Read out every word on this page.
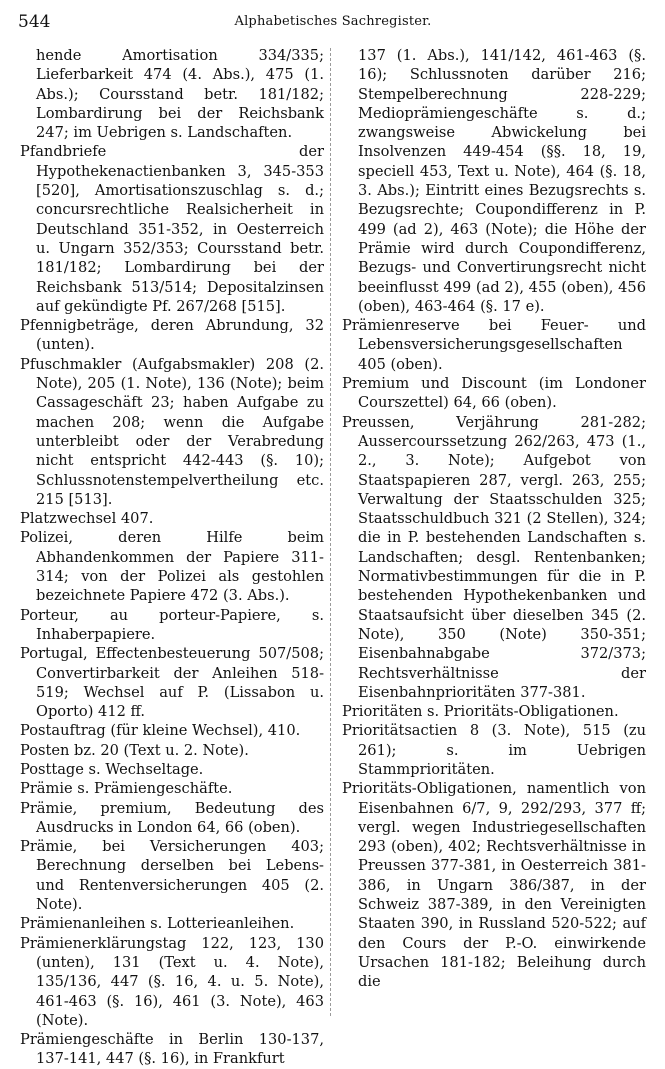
544	Alphabetisches Sachregister.

hende Amortisation 334/335; Lieferbarkeit 474 (4. Abs.), 475 (1. Abs.); Coursstand betr. 181/182; Lombardirung bei der Reichsbank 247; im Uebrigen s. Landschaften.

Pfandbriefe der Hypothekenactienbanken 3, 345-353 [520], Amortisationszuschlag s. d.; concursrechtliche Realsicherheit in Deutschland 351-352, in Oesterreich u. Ungarn 352/353; Coursstand betr. 181/182; Lombardirung bei der Reichsbank 513/514; Depositalzinsen auf gekündigte Pf. 267/268 [515].

Pfennigbeträge, deren Abrundung, 32 (unten).

Pfuschmakler (Aufgabsmakler) 208 (2. Note), 205 (1. Note), 136 (Note); beim Cassageschäft 23; haben Aufgabe zu machen 208; wenn die Aufgabe unterbleibt oder der Verabredung nicht entspricht 442-443 (§. 10); Schlussnotenstempelvertheilung etc. 215 [513].

Platzwechsel 407.

Polizei, deren Hilfe beim Abhandenkommen der Papiere 311-314; von der Polizei als gestohlen bezeichnete Papiere 472 (3. Abs.).

Porteur, au porteur-Papiere, s. Inhaberpapiere.

Portugal, Effectenbesteuerung 507/508; Convertirbarkeit der Anleihen 518-519; Wechsel auf P. (Lissabon u. Oporto) 412 ff.

Postauftrag (für kleine Wechsel), 410.

Posten bz. 20 (Text u. 2. Note).

Posttage s. Wechseltage.

Prämie s. Prämiengeschäfte.

Prämie, premium, Bedeutung des Ausdrucks in London 64, 66 (oben).

Prämie, bei Versicherungen 403; Berechnung derselben bei Lebens- und Rentenversicherungen 405 (2. Note).

Prämienanleihen s. Lotterieanleihen.

Prämienerklärungstag 122, 123, 130 (unten), 131 (Text u. 4. Note), 135/136, 447 (§. 16, 4. u. 5. Note), 461-463 (§. 16), 461 (3. Note), 463 (Note).

Prämiengeschäfte in Berlin 130-137, 137-141, 447 (§. 16), in Frankfurt

137 (1. Abs.), 141/142, 461-463 (§. 16); Schlussnoten darüber 216; Stempelberechnung 228-229; Medioprämiengeschäfte s. d.; zwangsweise Abwickelung bei Insolvenzen 449-454 (§§. 18, 19, speciell 453, Text u. Note), 464 (§. 18, 3. Abs.); Eintritt eines Bezugsrechts s. Bezugsrechte; Coupondifferenz in P. 499 (ad 2), 463 (Note); die Höhe der Prämie wird durch Coupondifferenz, Bezugs- und Convertirungsrecht nicht beeinflusst 499 (ad 2), 455 (oben), 456 (oben), 463-464 (§. 17 e).

Prämienreserve bei Feuer- und Lebensversicherungsgesellschaften 405 (oben).

Premium und Discount (im Londoner Courszettel) 64, 66 (oben).

Preussen, Verjährung 281-282; Aussercourssetzung 262/263, 473 (1., 2., 3. Note); Aufgebot von Staatspapieren 287, vergl. 263, 255; Verwaltung der Staatsschulden 325; Staatsschuldbuch 321 (2 Stellen), 324; die in P. bestehenden Landschaften s. Landschaften; desgl. Rentenbanken; Normativbestimmungen für die in P. bestehenden Hypothekenbanken und Staatsaufsicht über dieselben 345 (2. Note), 350 (Note) 350-351; Eisenbahnabgabe 372/373; Rechtsverhältnisse der Eisenbahnprioritäten 377-381.

Prioritäten s. Prioritäts-Obligationen.

Prioritätsactien 8 (3. Note), 515 (zu 261); s. im Uebrigen Stammprioritäten.

Prioritäts-Obligationen, namentlich von Eisenbahnen 6/7, 9, 292/293, 377 ff; vergl. wegen Industriegesellschaften 293 (oben), 402; Rechtsverhältnisse in Preussen 377-381, in Oesterreich 381-386, in Ungarn 386/387, in der Schweiz 387-389, in den Vereinigten Staaten 390, in Russland 520-522; auf den Cours der P.-O. einwirkende Ursachen 181-182; Beleihung durch die
